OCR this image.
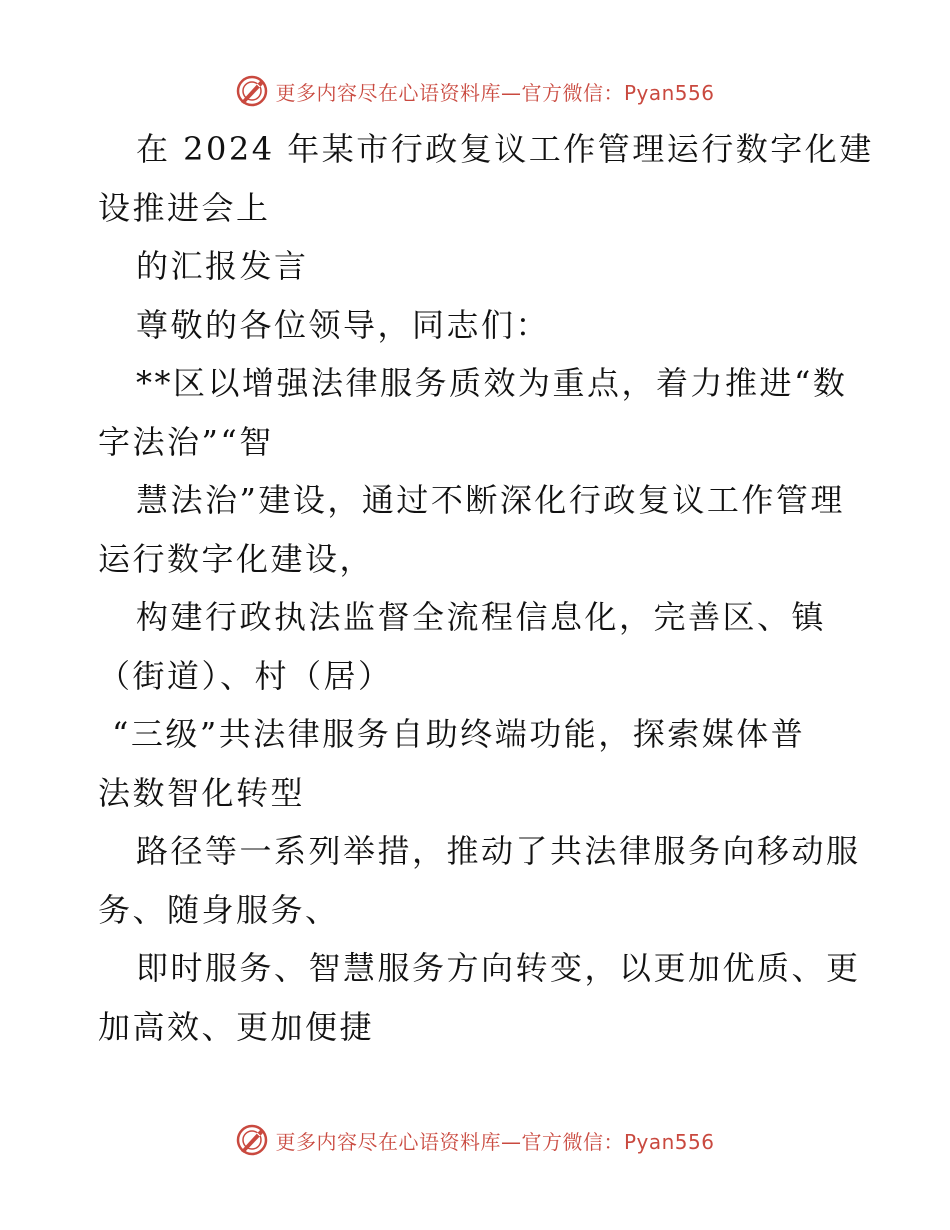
更多内容尽在心语资料库—官方微信：Pyan556
在 2024 年某市行政复议工作管理运行数字化建
设推进会上
的汇报发言
尊敬的各位领导，同志们：
**区以增强法律服务质效为重点，着力推进“数
字法治”“智
慧法治”建设，通过不断深化行政复议工作管理
运行数字化建设，
构建行政执法监督全流程信息化，完善区、镇
（街道）、村（居）
“三级”共法律服务自助终端功能，探索媒体普
法数智化转型
路径等一系列举措，推动了共法律服务向移动服
务、随身服务、
即时服务、智慧服务方向转变，以更加优质、更
加高效、更加便捷
更多内容尽在心语资料库—官方微信：Pyan556
